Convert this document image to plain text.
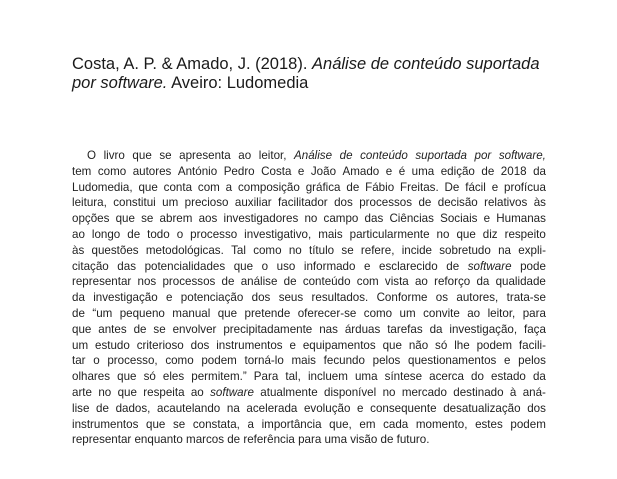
Costa, A. P. & Amado, J. (2018). Análise de conteúdo suportada por software. Aveiro: Ludomedia
O livro que se apresenta ao leitor, Análise de conteúdo suportada por software,
tem como autores António Pedro Costa e João Amado e é uma edição de 2018 da
Ludomedia, que conta com a composição gráfica de Fábio Freitas. De fácil e profícua
leitura, constitui um precioso auxiliar facilitador dos processos de decisão relativos às
opções que se abrem aos investigadores no campo das Ciências Sociais e Humanas
ao longo de todo o processo investigativo, mais particularmente no que diz respeito
às questões metodológicas. Tal como no título se refere, incide sobretudo na expli-
citação das potencialidades que o uso informado e esclarecido de software pode
representar nos processos de análise de conteúdo com vista ao reforço da qualidade
da investigação e potenciação dos seus resultados. Conforme os autores, trata-se
de “um pequeno manual que pretende oferecer-se como um convite ao leitor, para
que antes de se envolver precipitadamente nas árduas tarefas da investigação, faça
um estudo criterioso dos instrumentos e equipamentos que não só lhe podem facili-
tar o processo, como podem torná-lo mais fecundo pelos questionamentos e pelos
olhares que só eles permitem.” Para tal, incluem uma síntese acerca do estado da
arte no que respeita ao software atualmente disponível no mercado destinado à aná-
lise de dados, acautelando na acelerada evolução e consequente desatualização dos
instrumentos que se constata, a importância que, em cada momento, estes podem
representar enquanto marcos de referência para uma visão de futuro.
